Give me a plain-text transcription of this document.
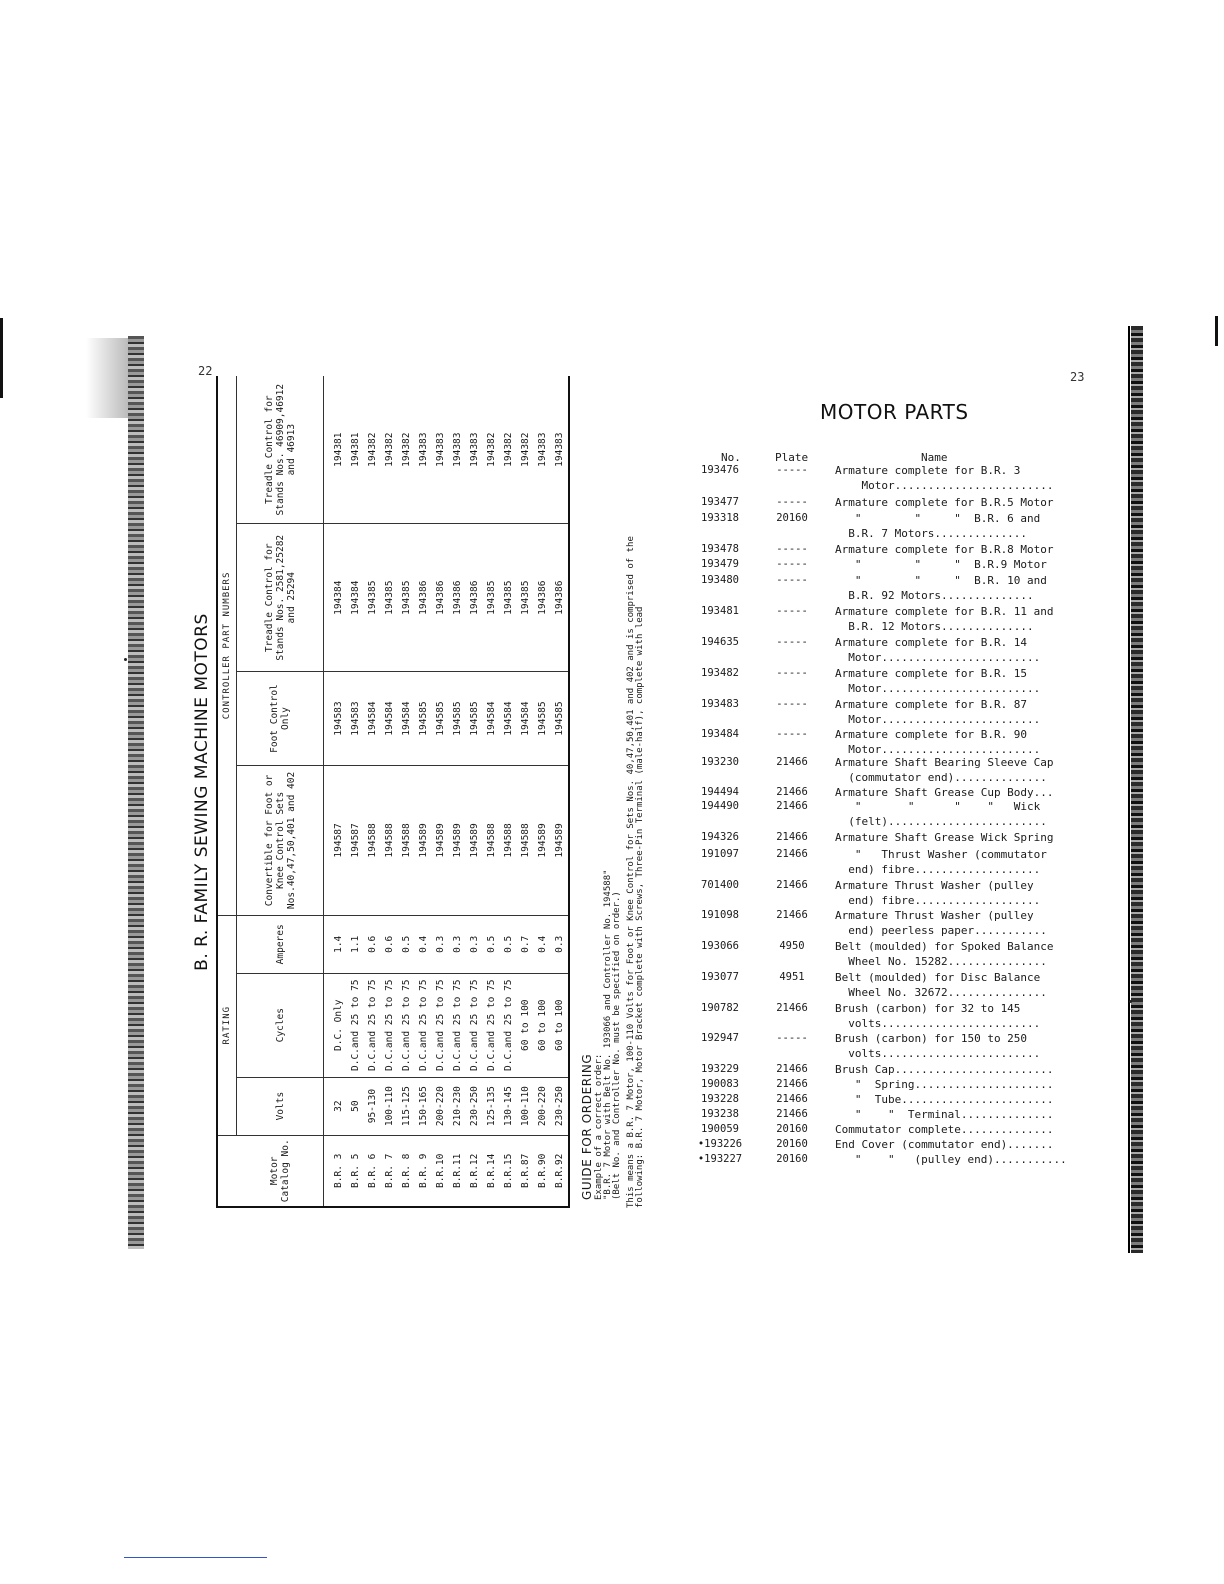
22
B. R. FAMILY SEWING MACHINE MOTORS
	RATING			CONTROLLER PART NUMBERS			
Motor Catalog No.	Volts	Cycles	Amperes	Convertible for Foot or Knee Control Sets Nos.40,47,50,401 and 402	Foot Control Only	Treadle Control for Stands Nos. 2581,25282 and 25294	Treadle Control for Stands Nos. 46909,46912 and 46913
B.R. 3	32	D.C. Only	1.4	194587	194583	194384	194381
B.R. 5	50	D.C.and 25 to 75	1.1	194587	194583	194384	194381
B.R. 6	95-130	D.C.and 25 to 75	0.6	194588	194584	194385	194382
B.R. 7	100-110	D.C.and 25 to 75	0.6	194588	194584	194385	194382
B.R. 8	115-125	D.C.and 25 to 75	0.5	194588	194584	194385	194382
B.R. 9	150-165	D.C.and 25 to 75	0.4	194589	194585	194386	194383
B.R.10	200-220	D.C.and 25 to 75	0.3	194589	194585	194386	194383
B.R.11	210-230	D.C.and 25 to 75	0.3	194589	194585	194386	194383
B.R.12	230-250	D.C.and 25 to 75	0.3	194589	194585	194386	194383
B.R.14	125-135	D.C.and 25 to 75	0.5	194588	194584	194385	194382
B.R.15	130-145	D.C.and 25 to 75	0.5	194588	194584	194385	194382
B.R.87	100-110	60 to 100	0.7	194588	194584	194385	194382
B.R.90	200-220	60 to 100	0.4	194589	194585	194386	194383
B.R.92	230-250	60 to 100	0.3	194589	194585	194386	194383
GUIDE FOR ORDERING Example of a correct order: "B.R. 7 Motor with Belt No. 193066 and Controller No. 194588" (Belt No. and Controller No. must be specified on order.) This means a B.R. 7 Motor, 100-110 Volts for Foot or Knee Control for Sets Nos. 40,47,50,401 and 402 and is comprised of the following: B.R. 7 Motor, Motor Bracket complete with Screws, Three-Pin Terminal (male-half), complete with lead
23
MOTOR PARTS
No.	Plate	Name
193476	-----	Armature complete for B.R. 3
Motor........................
193477	-----	Armature complete for B.R.5 Motor
193318	20160	"        "     "  B.R. 6 and
B.R. 7 Motors..............
193478	-----	Armature complete for B.R.8 Motor
193479	-----	"        "     "  B.R.9 Motor
193480	-----	"        "     "  B.R. 10 and
B.R. 92 Motors..............
193481	-----	Armature complete for B.R. 11 and
B.R. 12 Motors..............
194635	-----	Armature complete for B.R. 14
Motor........................
193482	-----	Armature complete for B.R. 15
Motor........................
193483	-----	Armature complete for B.R. 87
Motor........................
193484	-----	Armature complete for B.R. 90
Motor........................
193230	21466	Armature Shaft Bearing Sleeve Cap
(commutator end)..............
194494	21466	Armature Shaft Grease Cup Body...
194490	21466	"       "      "    "   Wick
(felt)........................
194326	21466	Armature Shaft Grease Wick Spring
191097	21466	"   Thrust Washer (commutator
end) fibre...................
701400	21466	Armature Thrust Washer (pulley
end) fibre...................
191098	21466	Armature Thrust Washer (pulley
end) peerless paper...........
193066	4950	Belt (moulded) for Spoked Balance
Wheel No. 15282...............
193077	4951	Belt (moulded) for Disc Balance
Wheel No. 32672...............
190782	21466	Brush (carbon) for 32 to 145
volts........................
192947	-----	Brush (carbon) for 150 to 250
volts........................
193229	21466	Brush Cap........................
190083	21466	"  Spring.....................
193228	21466	"  Tube.......................
193238	21466	"    "  Terminal..............
190059	20160	Commutator complete..............
•193226	20160	End Cover (commutator end).......
•193227	20160	"    "   (pulley end)...........
